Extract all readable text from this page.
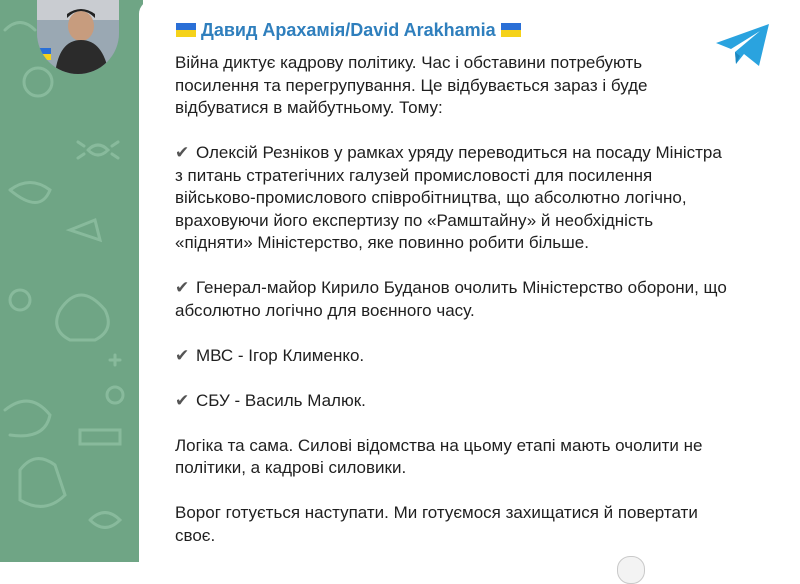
Давид Арахамія/David Arakhamia

Війна диктує кадрову політику. Час і обставини потребують
посилення та перегрупування. Це відбувається зараз і буде
відбуватися в майбутньому. Тому:

✔ Олексій Резніков у рамках уряду переводиться на посаду Міністра
з питань стратегічних галузей промисловості для посилення
військово-промислового співробітництва, що абсолютно логічно,
враховуючи його експертизу по «Рамштайну» й необхідність
«підняти» Міністерство, яке повинно робити більше.

✔ Генерал-майор Кирило Буданов очолить Міністерство оборони, що
абсолютно логічно для воєнного часу.

✔ МВС - Ігор Клименко.

✔ СБУ - Василь Малюк.

Логіка та сама. Силові відомства на цьому етапі мають очолити не
політики, а кадрові силовики.

Ворог готується наступати. Ми готуємося захищатися й повертати
своє.
